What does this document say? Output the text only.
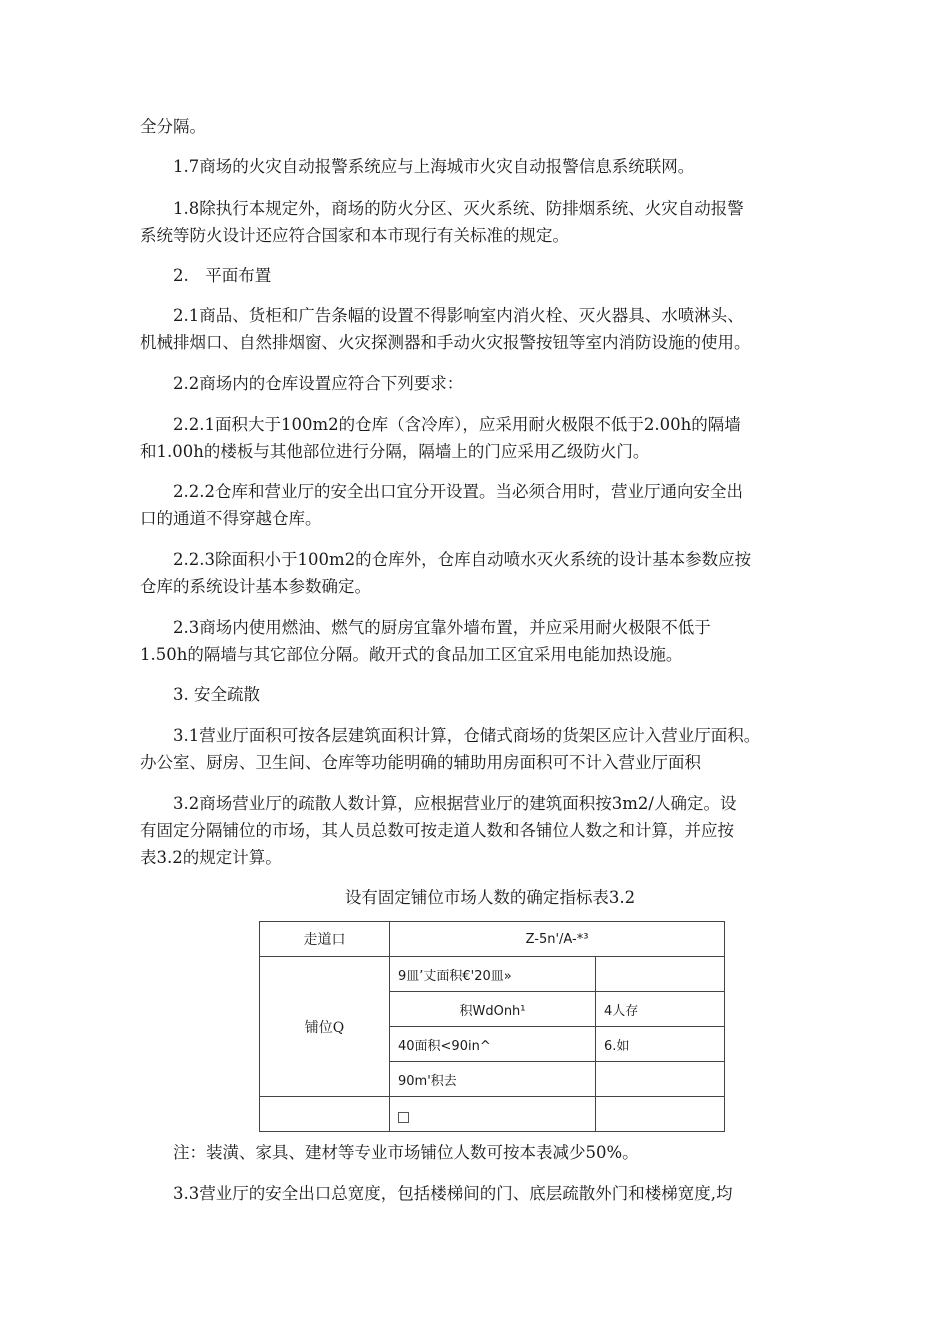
全分隔。

1.7商场的火灾自动报警系统应与上海城市火灾自动报警信息系统联网。

1.8除执行本规定外，商场的防火分区、灭火系统、防排烟系统、火灾自动报警

系统等防火设计还应符合国家和本市现行有关标准的规定。

2.　平面布置

2.1商品、货柜和广告条幅的设置不得影响室内消火栓、灭火器具、水喷淋头、

机械排烟口、自然排烟窗、火灾探测器和手动火灾报警按钮等室内消防设施的使用。

2.2商场内的仓库设置应符合下列要求：

2.2.1面积大于100m2的仓库（含冷库），应采用耐火极限不低于2.00h的隔墙

和1.00h的楼板与其他部位进行分隔，隔墙上的门应采用乙级防火门。

2.2.2仓库和营业厅的安全出口宜分开设置。当必须合用时，营业厅通向安全出

口的通道不得穿越仓库。

2.2.3除面积小于100m2的仓库外，仓库自动喷水灭火系统的设计基本参数应按

仓库的系统设计基本参数确定。

2.3商场内使用燃油、燃气的厨房宜靠外墙布置，并应采用耐火极限不低于

1.50h的隔墙与其它部位分隔。敞开式的食品加工区宜采用电能加热设施。

3. 安全疏散

3.1营业厅面积可按各层建筑面积计算，仓储式商场的货架区应计入营业厅面积。

办公室、厨房、卫生间、仓库等功能明确的辅助用房面积可不计入营业厅面积

3.2商场营业厅的疏散人数计算，应根据营业厅的建筑面积按3m2/人确定。设

有固定分隔铺位的市场，其人员总数可按走道人数和各铺位人数之和计算，并应按

表3.2的规定计算。

设有固定铺位市场人数的确定指标表3.2

走道口	Z-5n'/A-*³	
铺位Q	9皿’丈面积€'20皿»	
	积WdOnh¹	4人存
	40面积<90in^	6.如
	90m'积去	

注：装潢、家具、建材等专业市场铺位人数可按本表减少50%。

3.3营业厅的安全出口总宽度，包括楼梯间的门、底层疏散外门和楼梯宽度,均
